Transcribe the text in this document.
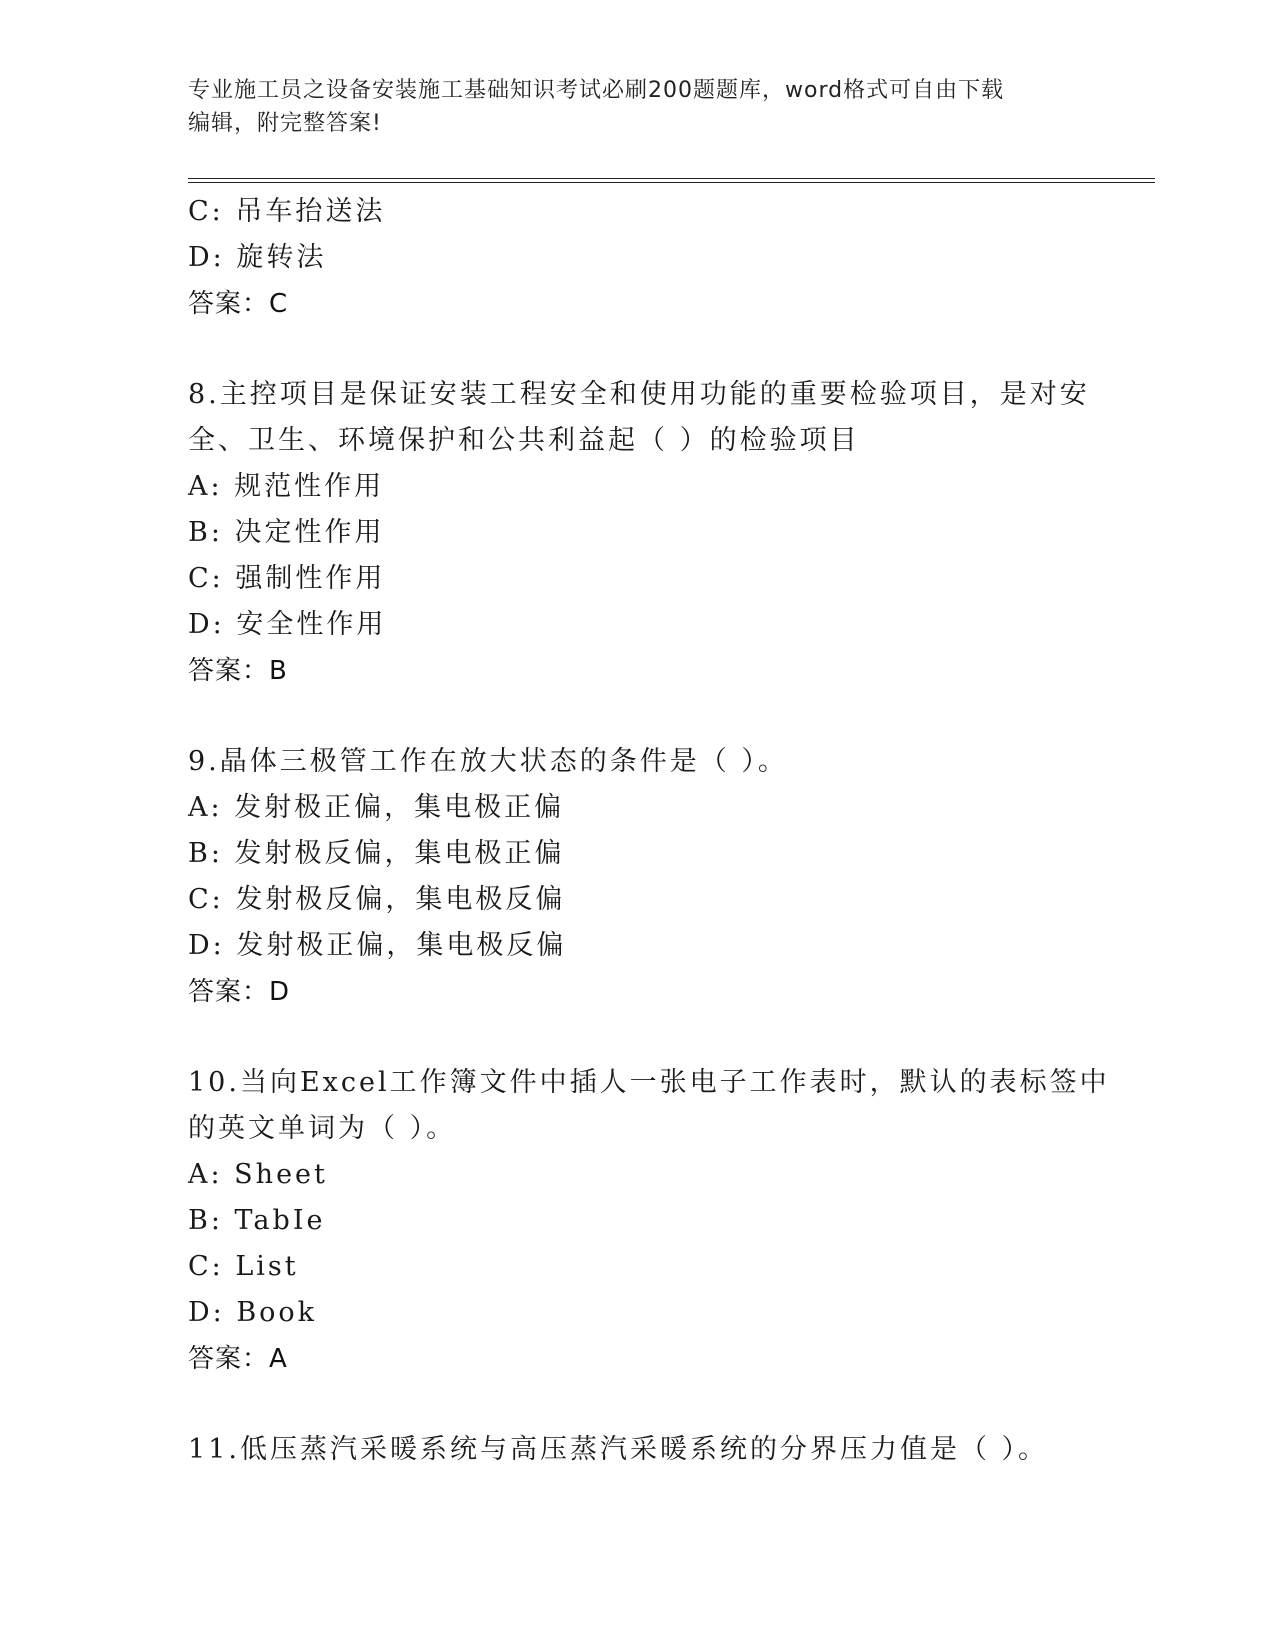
专业施工员之设备安装施工基础知识考试必刷200题题库，word格式可自由下载
编辑，附完整答案!
C: 吊车抬送法
D: 旋转法
答案：C
8.主控项目是保证安装工程安全和使用功能的重要检验项目，是对安
全、卫生、环境保护和公共利益起（ ）的检验项目
A: 规范性作用
B: 决定性作用
C: 强制性作用
D: 安全性作用
答案：B
9.晶体三极管工作在放大状态的条件是（ ）。
A: 发射极正偏，集电极正偏
B: 发射极反偏，集电极正偏
C: 发射极反偏，集电极反偏
D: 发射极正偏，集电极反偏
答案：D
10.当向Excel工作簿文件中插人一张电子工作表时，默认的表标签中
的英文单词为（ ）。
A: Sheet
B: TabIe
C: List
D: Book
答案：A
11.低压蒸汽采暖系统与高压蒸汽采暖系统的分界压力值是（ ）。
